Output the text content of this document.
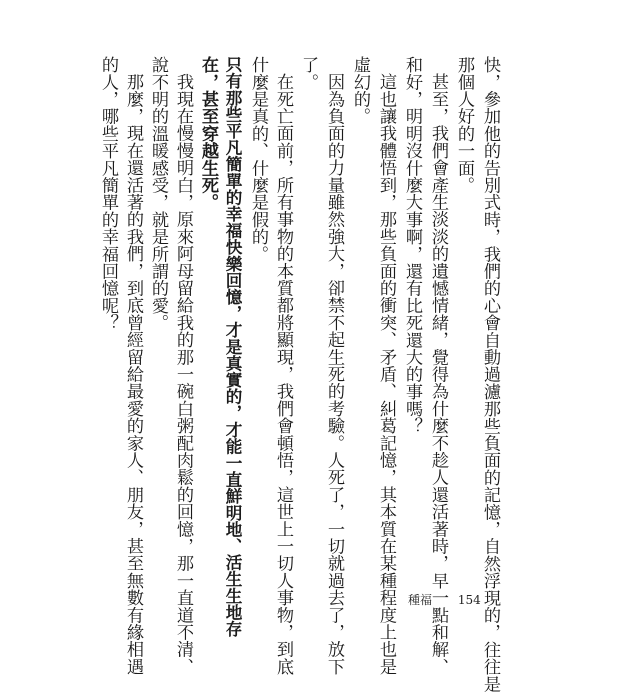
快，參加他的告別式時，我們的心會自動過濾那些負面的記憶，自然浮現的，往往是
那個人好的一面。
甚至，我們會產生淡淡的遺憾情緒，覺得為什麼不趁人還活著時，早一點和解、
和好，明明沒什麼大事啊，還有比死還大的事嗎？
這也讓我體悟到，那些負面的衝突、矛盾、糾葛記憶，其本質在某種程度上也是
虛幻的。
因為負面的力量雖然強大，卻禁不起生死的考驗。人死了，一切就過去了，放下
了。
在死亡面前，所有事物的本質都將顯現，我們會頓悟，這世上一切人事物，到底
什麼是真的、什麼是假的。
只有那些平凡簡單的幸福快樂回憶，才是真實的，才能一直鮮明地、活生生地存
在，甚至穿越生死。
我現在慢慢明白，原來阿母留給我的那一碗白粥配肉鬆的回憶，那一直道不清、
說不明的溫暖感受，就是所謂的愛。
那麼，現在還活著的我們，到底曾經留給最愛的家人、朋友，甚至無數有緣相遇
的人，哪些平凡簡單的幸福回憶呢？
種福 154
